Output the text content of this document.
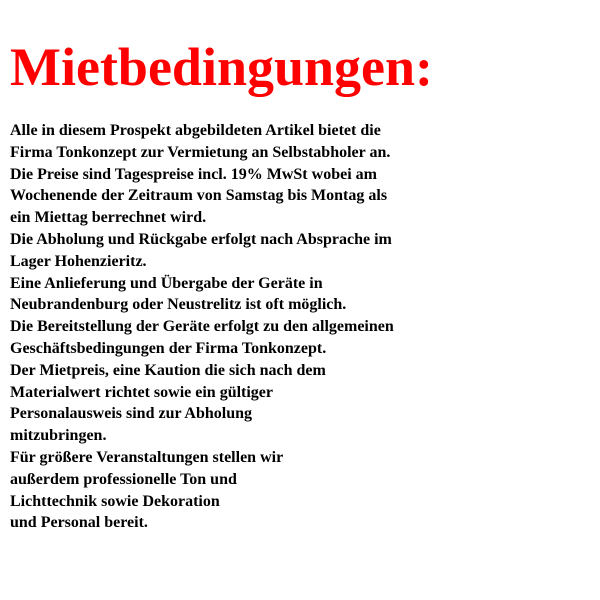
Mietbedingungen:
Alle in diesem Prospekt abgebildeten Artikel bietet die
Firma Tonkonzept zur Vermietung an Selbstabholer an.
Die Preise sind Tagespreise incl. 19% MwSt wobei am
Wochenende der Zeitraum von Samstag bis Montag als
ein Miettag berrechnet wird.
Die Abholung und Rückgabe erfolgt nach Absprache im
Lager Hohenzieritz.
Eine Anlieferung und Übergabe der Geräte in
Neubrandenburg oder Neustrelitz ist oft möglich.
Die Bereitstellung der Geräte erfolgt zu den allgemeinen
Geschäftsbedingungen der Firma Tonkonzept.
Der Mietpreis, eine Kaution die sich nach dem
Materialwert richtet sowie ein gültiger
Personalausweis sind zur Abholung
mitzubringen.
Für größere Veranstaltungen stellen wir
außerdem professionelle Ton und
Lichttechnik sowie Dekoration
und Personal bereit.
